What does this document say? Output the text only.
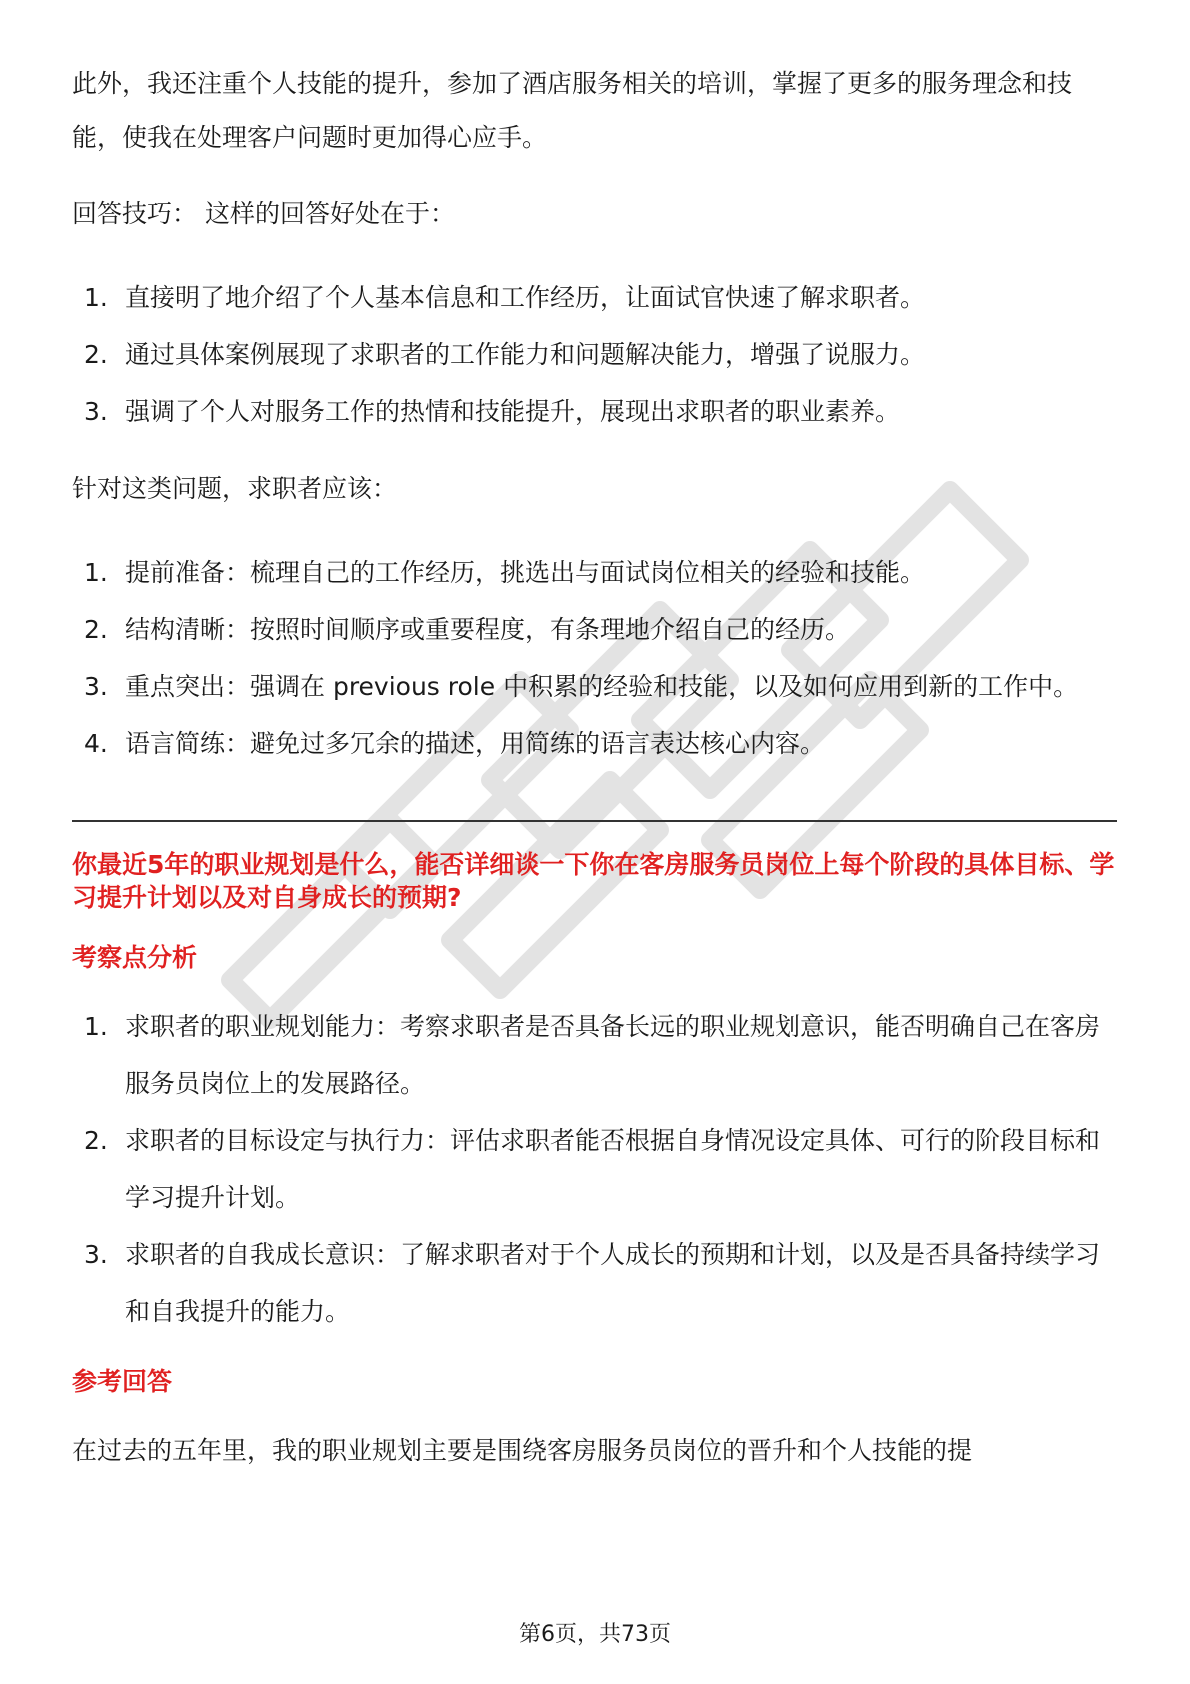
此外，我还注重个人技能的提升，参加了酒店服务相关的培训，掌握了更多的服务理念和技能，使我在处理客户问题时更加得心应手。

回答技巧： 这样的回答好处在于：

1. 直接明了地介绍了个人基本信息和工作经历，让面试官快速了解求职者。
2. 通过具体案例展现了求职者的工作能力和问题解决能力，增强了说服力。
3. 强调了个人对服务工作的热情和技能提升，展现出求职者的职业素养。

针对这类问题，求职者应该：

1. 提前准备：梳理自己的工作经历，挑选出与面试岗位相关的经验和技能。
2. 结构清晰：按照时间顺序或重要程度，有条理地介绍自己的经历。
3. 重点突出：强调在 previous role 中积累的经验和技能，以及如何应用到新的工作中。
4. 语言简练：避免过多冗余的描述，用简练的语言表达核心内容。

你最近5年的职业规划是什么，能否详细谈一下你在客房服务员岗位上每个阶段的具体目标、学习提升计划以及对自身成长的预期?

考察点分析

1. 求职者的职业规划能力：考察求职者是否具备长远的职业规划意识，能否明确自己在客房服务员岗位上的发展路径。
2. 求职者的目标设定与执行力：评估求职者能否根据自身情况设定具体、可行的阶段目标和学习提升计划。
3. 求职者的自我成长意识：了解求职者对于个人成长的预期和计划，以及是否具备持续学习和自我提升的能力。

参考回答

在过去的五年里，我的职业规划主要是围绕客房服务员岗位的晋升和个人技能的提

第6页，共73页
